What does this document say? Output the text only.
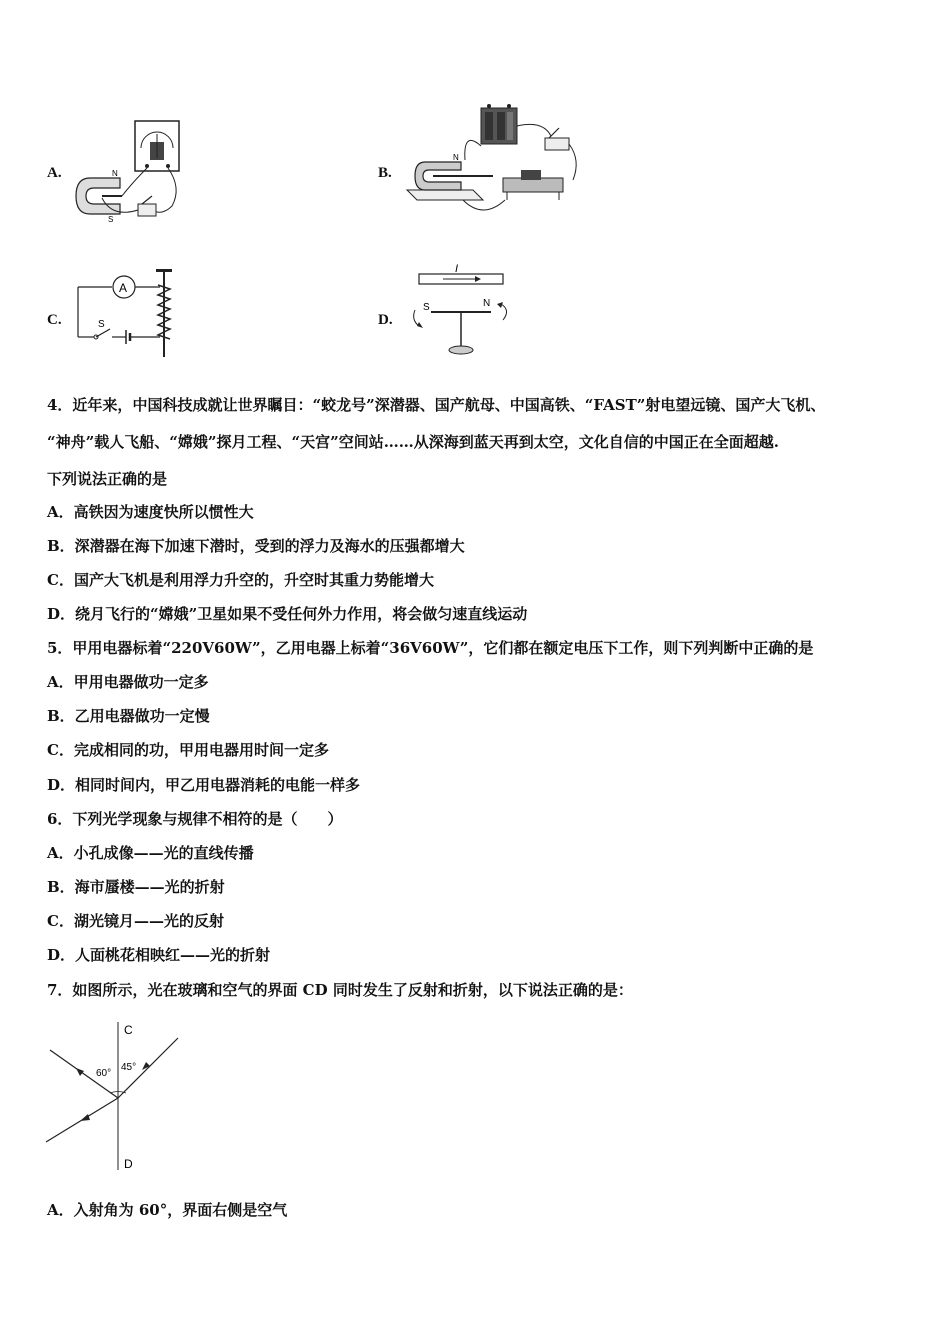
A.	N
S
B.
N
C.
A
S	D.
I
S	N
4．近年来，中国科技成就让世界瞩目：“蛟龙号”深潜器、国产航母、中国高铁、“FAST”射电望远镜、国产大飞机、
“神舟”载人飞船、“嫦娥”探月工程、“天宫”空间站……从深海到蓝天再到太空，文化自信的中国正在全面超越.
下列说法正确的是
A．高铁因为速度快所以惯性大
B．深潜器在海下加速下潜时，受到的浮力及海水的压强都增大
C．国产大飞机是利用浮力升空的，升空时其重力势能增大
D．绕月飞行的“嫦娥”卫星如果不受任何外力作用，将会做匀速直线运动
5．甲用电器标着“220V60W”，乙用电器上标着“36V60W”，它们都在额定电压下工作，则下列判断中正确的是
A．甲用电器做功一定多
B．乙用电器做功一定慢
C．完成相同的功，甲用电器用时间一定多
D．相同时间内，甲乙用电器消耗的电能一样多
6．下列光学现象与规律不相符的是（　　）
A．小孔成像——光的直线传播
B．海市蜃楼——光的折射
C．湖光镜月——光的反射
D．人面桃花相映红——光的折射
7．如图所示，光在玻璃和空气的界面 CD 同时发生了反射和折射，以下说法正确的是：
C
D
60°
45°
A．入射角为 60°，界面右侧是空气
